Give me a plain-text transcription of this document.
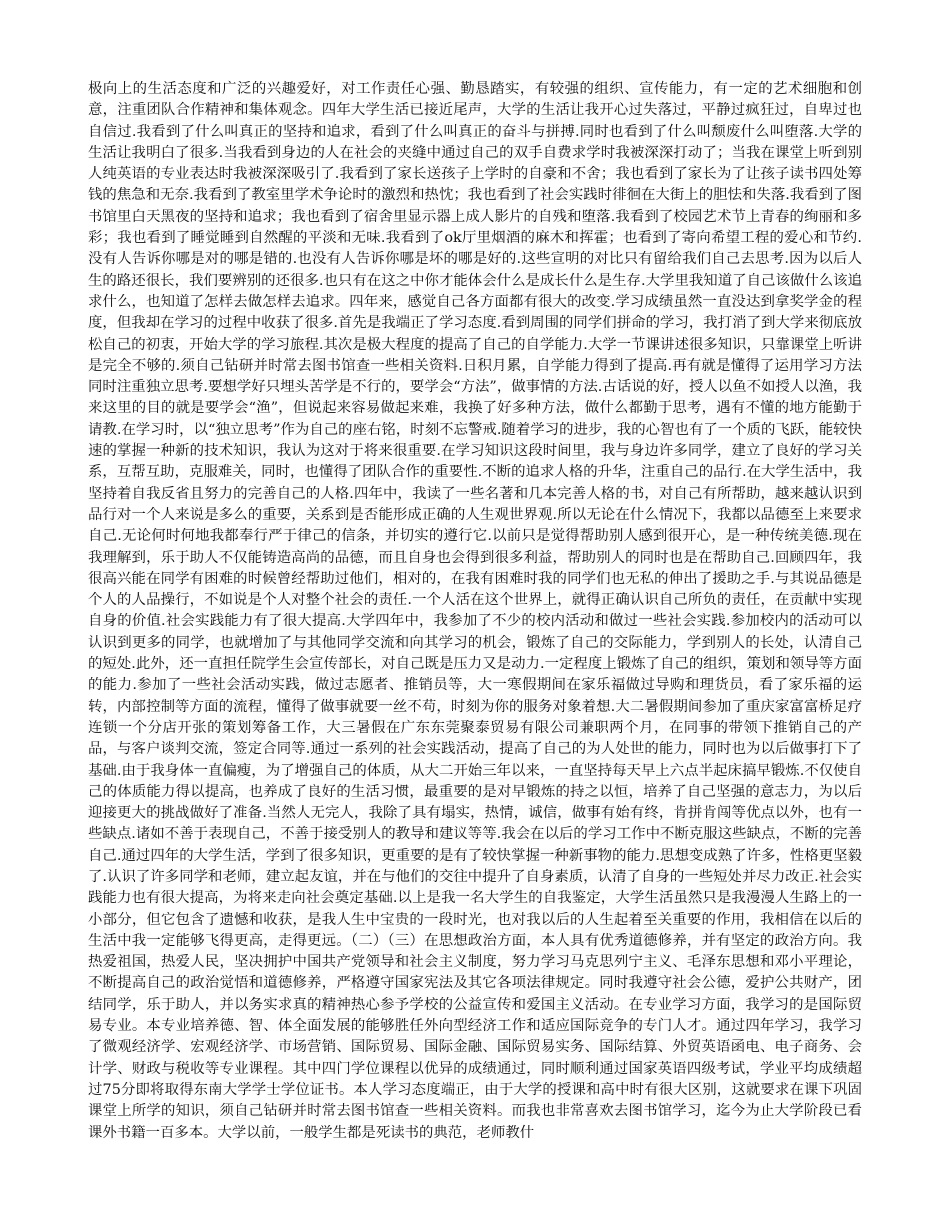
极向上的生活态度和广泛的兴趣爱好，对工作责任心强、勤恳踏实，有较强的组织、宣传能力，有一定的艺术细胞和创意，注重团队合作精神和集体观念。四年大学生活已接近尾声，大学的生活让我开心过失落过，平静过疯狂过，自卑过也自信过.我看到了什么叫真正的坚持和追求，看到了什么叫真正的奋斗与拼搏.同时也看到了什么叫颓废什么叫堕落.大学的生活让我明白了很多.当我看到身边的人在社会的夹缝中通过自己的双手自费求学时我被深深打动了；当我在课堂上听到别人纯英语的专业表达时我被深深吸引了.我看到了家长送孩子上学时的自豪和不舍；我也看到了家长为了让孩子读书四处筹钱的焦急和无奈.我看到了教室里学术争论时的激烈和热忱；我也看到了社会实践时徘徊在大街上的胆怯和失落.我看到了图书馆里白天黑夜的坚持和追求；我也看到了宿舍里显示器上成人影片的自残和堕落.我看到了校园艺术节上青春的绚丽和多彩；我也看到了睡觉睡到自然醒的平淡和无味.我看到了ok厅里烟酒的麻木和挥霍；也看到了寄向希望工程的爱心和节约.没有人告诉你哪是对的哪是错的.也没有人告诉你哪是坏的哪是好的.这些宣明的对比只有留给我们自己去思考.因为以后人生的路还很长，我们要辨别的还很多.也只有在这之中你才能体会什么是成长什么是生存.大学里我知道了自己该做什么该追求什么，也知道了怎样去做怎样去追求。四年来，感觉自己各方面都有很大的改变.学习成绩虽然一直没达到拿奖学金的程度，但我却在学习的过程中收获了很多.首先是我端正了学习态度.看到周围的同学们拼命的学习，我打消了到大学来彻底放松自己的初衷，开始大学的学习旅程.其次是极大程度的提高了自己的自学能力.大学一节课讲述很多知识，只靠课堂上听讲是完全不够的.须自己钻研并时常去图书馆查一些相关资料.日积月累，自学能力得到了提高.再有就是懂得了运用学习方法同时注重独立思考.要想学好只埋头苦学是不行的，要学会“方法”，做事情的方法.古话说的好，授人以鱼不如授人以渔，我来这里的目的就是要学会“渔”，但说起来容易做起来难，我换了好多种方法，做什么都勤于思考，遇有不懂的地方能勤于请教.在学习时，以“独立思考”作为自己的座右铭，时刻不忘警戒.随着学习的进步，我的心智也有了一个质的飞跃，能较快速的掌握一种新的技术知识，我认为这对于将来很重要.在学习知识这段时间里，我与身边许多同学，建立了良好的学习关系，互帮互助，克服难关，同时，也懂得了团队合作的重要性.不断的追求人格的升华，注重自己的品行.在大学生活中，我坚持着自我反省且努力的完善自己的人格.四年中，我读了一些名著和几本完善人格的书，对自己有所帮助，越来越认识到品行对一个人来说是多么的重要，关系到是否能形成正确的人生观世界观.所以无论在什么情况下，我都以品德至上来要求自己.无论何时何地我都奉行严于律己的信条，并切实的遵行它.以前只是觉得帮助别人感到很开心，是一种传统美德.现在我理解到，乐于助人不仅能铸造高尚的品德，而且自身也会得到很多利益，帮助别人的同时也是在帮助自己.回顾四年，我很高兴能在同学有困难的时候曾经帮助过他们，相对的，在我有困难时我的同学们也无私的伸出了援助之手.与其说品德是个人的人品操行，不如说是个人对整个社会的责任.一个人活在这个世界上，就得正确认识自己所负的责任，在贡献中实现自身的价值.社会实践能力有了很大提高.大学四年中，我参加了不少的校内活动和做过一些社会实践.参加校内的活动可以认识到更多的同学，也就增加了与其他同学交流和向其学习的机会，锻炼了自己的交际能力，学到别人的长处，认清自己的短处.此外，还一直担任院学生会宣传部长，对自己既是压力又是动力.一定程度上锻炼了自己的组织，策划和领导等方面的能力.参加了一些社会活动实践，做过志愿者、推销员等，大一寒假期间在家乐福做过导购和理货员，看了家乐福的运转，内部控制等方面的流程，懂得了做事就要一丝不苟，时刻为你的服务对象着想.大二暑假期间参加了重庆家富富桥足疗连锁一个分店开张的策划筹备工作，大三暑假在广东东莞聚泰贸易有限公司兼职两个月，在同事的带领下推销自己的产品，与客户谈判交流，签定合同等.通过一系列的社会实践活动，提高了自己的为人处世的能力，同时也为以后做事打下了基础.由于我身体一直偏瘦，为了增强自己的体质，从大二开始三年以来，一直坚持每天早上六点半起床搞早锻炼.不仅使自己的体质能力得以提高，也养成了良好的生活习惯，最重要的是对早锻炼的持之以恒，培养了自己坚强的意志力，为以后迎接更大的挑战做好了准备.当然人无完人，我除了具有塌实，热情，诚信，做事有始有终，肯拼肯闯等优点以外，也有一些缺点.诸如不善于表现自己，不善于接受别人的教导和建议等等.我会在以后的学习工作中不断克服这些缺点，不断的完善自己.通过四年的大学生活，学到了很多知识，更重要的是有了较快掌握一种新事物的能力.思想变成熟了许多，性格更坚毅了.认识了许多同学和老师，建立起友谊，并在与他们的交往中提升了自身素质，认清了自身的一些短处并尽力改正.社会实践能力也有很大提高，为将来走向社会奠定基础.以上是我一名大学生的自我鉴定，大学生活虽然只是我漫漫人生路上的一小部分，但它包含了遗憾和收获，是我人生中宝贵的一段时光，也对我以后的人生起着至关重要的作用，我相信在以后的生活中我一定能够飞得更高，走得更远。（二）（三）在思想政治方面，本人具有优秀道德修养，并有坚定的政治方向。我热爱祖国，热爱人民，坚决拥护中国共产党领导和社会主义制度，努力学习马克思列宁主义、毛泽东思想和邓小平理论，不断提高自己的政治觉悟和道德修养，严格遵守国家宪法及其它各项法律规定。同时我遵守社会公德，爱护公共财产，团结同学，乐于助人，并以务实求真的精神热心参予学校的公益宣传和爱国主义活动。在专业学习方面，我学习的是国际贸易专业。本专业培养德、智、体全面发展的能够胜任外向型经济工作和适应国际竞争的专门人才。通过四年学习，我学习了微观经济学、宏观经济学、市场营销、国际贸易、国际金融、国际贸易实务、国际结算、外贸英语函电、电子商务、会计学、财政与税收等专业课程。其中四门学位课程以优异的成绩通过，同时顺利通过国家英语四级考试，学业平均成绩超过75分即将取得东南大学学士学位证书。本人学习态度端正，由于大学的授课和高中时有很大区别，这就要求在课下巩固课堂上所学的知识，须自己钻研并时常去图书馆查一些相关资料。而我也非常喜欢去图书馆学习，迄今为止大学阶段已看课外书籍一百多本。大学以前，一般学生都是死读书的典范，老师教什
